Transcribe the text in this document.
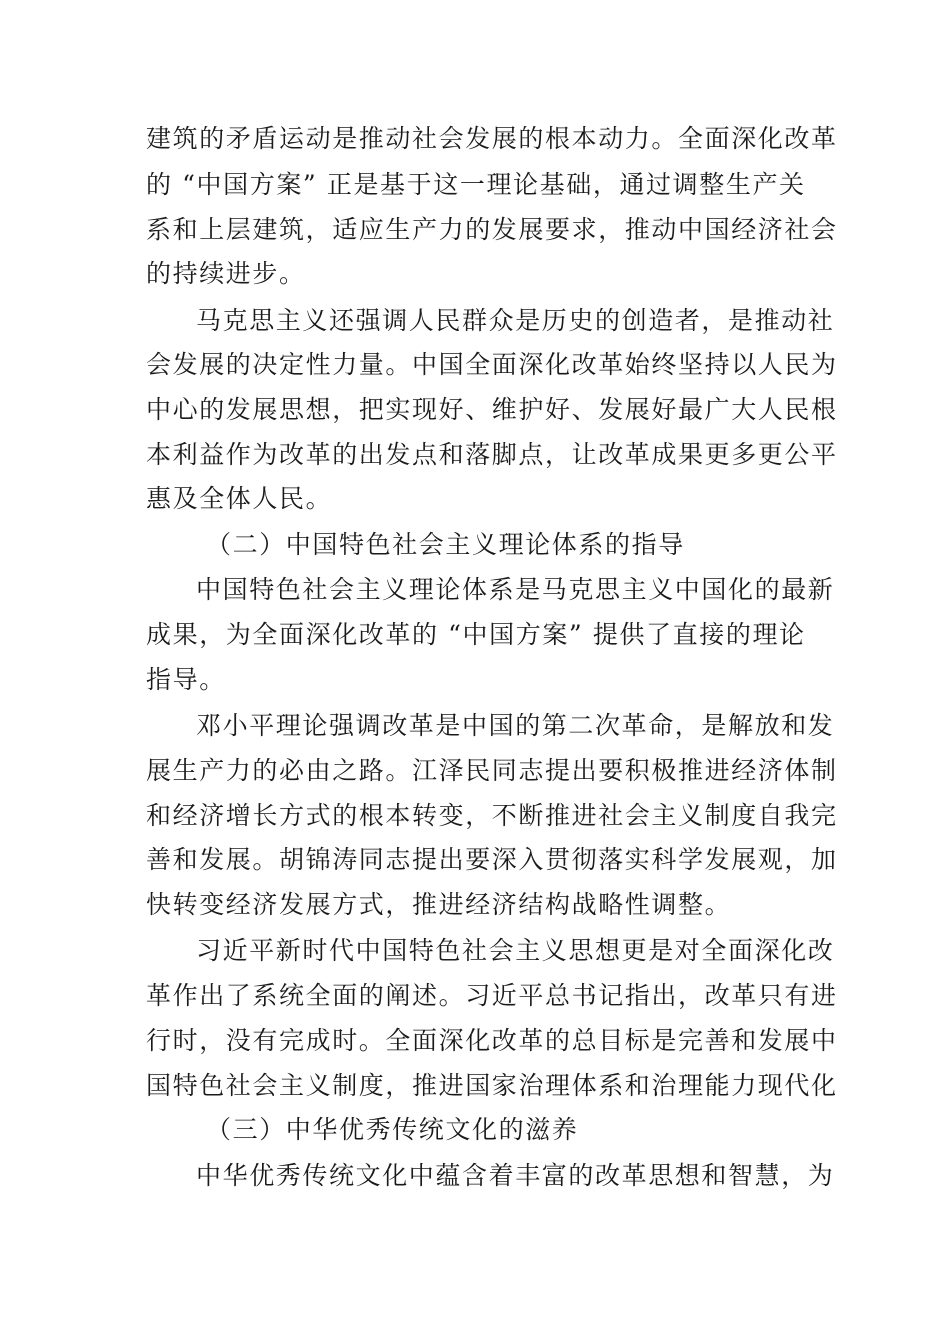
建筑的矛盾运动是推动社会发展的根本动力。全面深化改革
的 “中国方案” 正是基于这一理论基础，通过调整生产关
系和上层建筑，适应生产力的发展要求，推动中国经济社会
的持续进步。
马克思主义还强调人民群众是历史的创造者，是推动社
会发展的决定性力量。中国全面深化改革始终坚持以人民为
中心的发展思想，把实现好、维护好、发展好最广大人民根
本利益作为改革的出发点和落脚点，让改革成果更多更公平
惠及全体人民。
（二）中国特色社会主义理论体系的指导
中国特色社会主义理论体系是马克思主义中国化的最新
成果，为全面深化改革的 “中国方案” 提供了直接的理论
指导。
邓小平理论强调改革是中国的第二次革命，是解放和发
展生产力的必由之路。江泽民同志提出要积极推进经济体制
和经济增长方式的根本转变，不断推进社会主义制度自我完
善和发展。胡锦涛同志提出要深入贯彻落实科学发展观，加
快转变经济发展方式，推进经济结构战略性调整。
习近平新时代中国特色社会主义思想更是对全面深化改
革作出了系统全面的阐述。习近平总书记指出，改革只有进
行时，没有完成时。全面深化改革的总目标是完善和发展中
国特色社会主义制度，推进国家治理体系和治理能力现代化
（三）中华优秀传统文化的滋养
中华优秀传统文化中蕴含着丰富的改革思想和智慧，为
